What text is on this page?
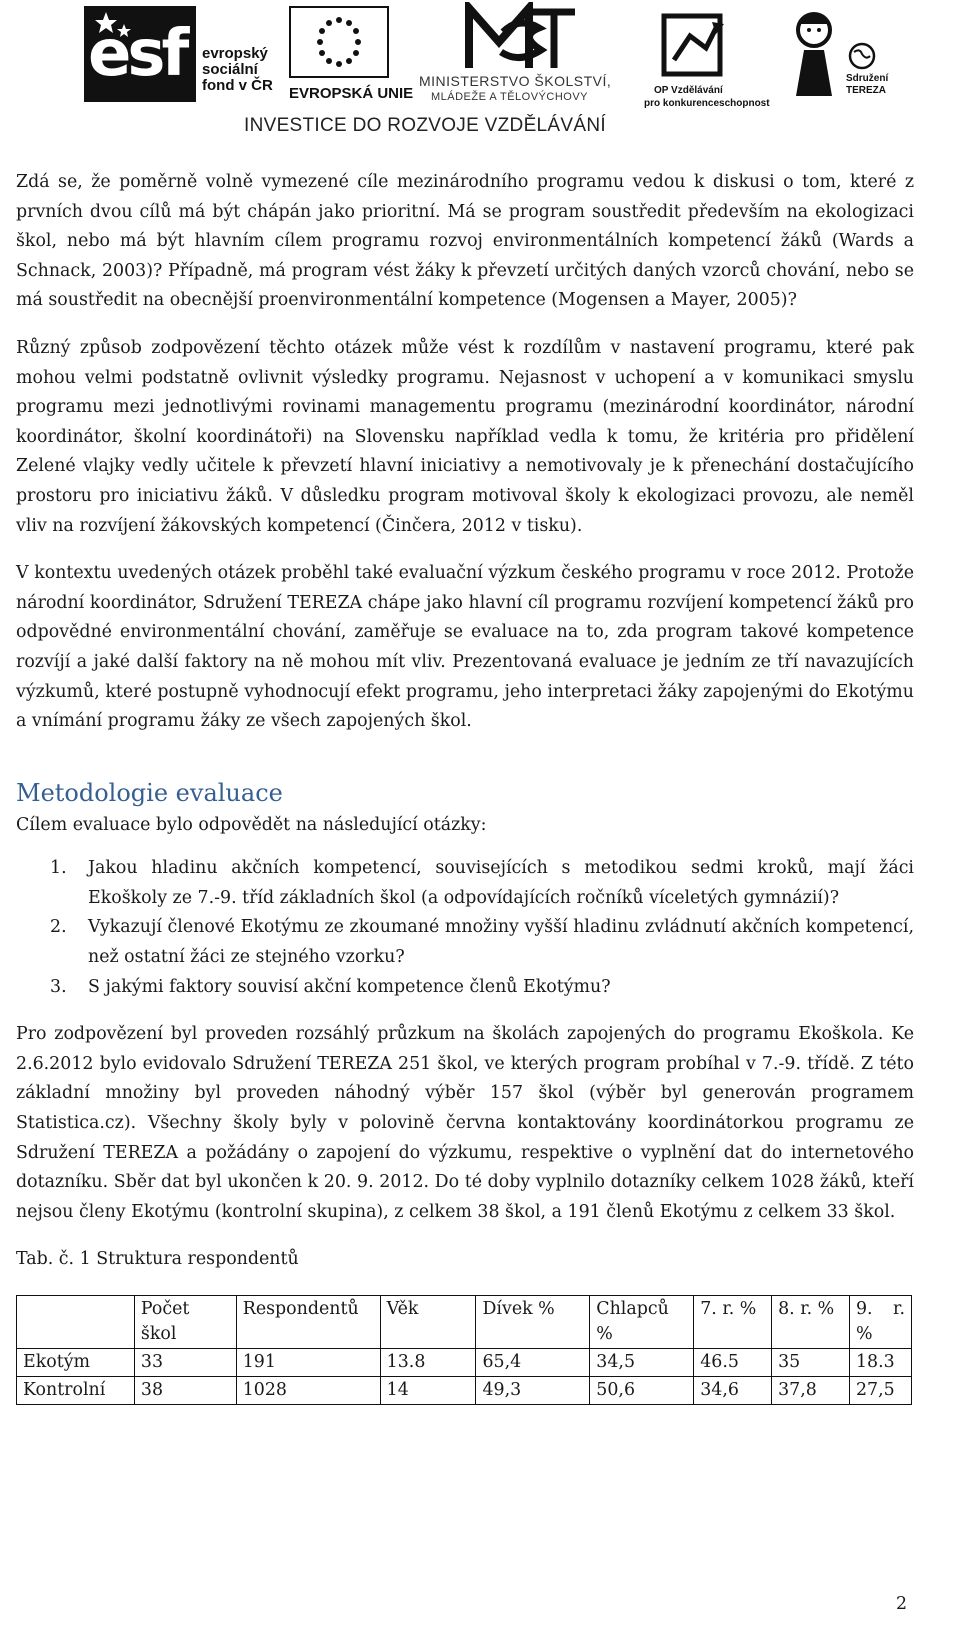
esf evropský
sociální
fond v ČR EVROPSKÁ UNIE
MINISTERSTVO ŠKOLSTVÍ,
MLÁDEŽE A TĚLOVÝCHOVY
OP Vzdělávání
pro konkurenceschopnost
Sdružení
TEREZA
INVESTICE DO ROZVOJE VZDĚLÁVÁNÍ

Zdá se, že poměrně volně vymezené cíle mezinárodního programu vedou k diskusi o tom, které z prvních dvou cílů má být chápán jako prioritní. Má se program soustředit především na ekologizaci škol, nebo má být hlavním cílem programu rozvoj environmentálních kompetencí žáků (Wards a Schnack, 2003)? Případně, má program vést žáky k převzetí určitých daných vzorců chování, nebo se má soustředit na obecnější proenvironmentální kompetence (Mogensen a Mayer, 2005)?

Různý způsob zodpovězení těchto otázek může vést k rozdílům v nastavení programu, které pak mohou velmi podstatně ovlivnit výsledky programu. Nejasnost v uchopení a v komunikaci smyslu programu mezi jednotlivými rovinami managementu programu (mezinárodní koordinátor, národní koordinátor, školní koordinátoři) na Slovensku například vedla k tomu, že kritéria pro přidělení Zelené vlajky vedly učitele k převzetí hlavní iniciativy a nemotivovaly je k přenechání dostačujícího prostoru pro iniciativu žáků. V důsledku program motivoval školy k ekologizaci provozu, ale neměl vliv na rozvíjení žákovských kompetencí (Činčera, 2012 v tisku).

V kontextu uvedených otázek proběhl také evaluační výzkum českého programu v roce 2012. Protože národní koordinátor, Sdružení TEREZA chápe jako hlavní cíl programu rozvíjení kompetencí žáků pro odpovědné environmentální chování, zaměřuje se evaluace na to, zda program takové kompetence rozvíjí a jaké další faktory na ně mohou mít vliv. Prezentovaná evaluace je jedním ze tří navazujících výzkumů, které postupně vyhodnocují efekt programu, jeho interpretaci žáky zapojenými do Ekotýmu a vnímání programu žáky ze všech zapojených škol.

Metodologie evaluace

Cílem evaluace bylo odpovědět na následující otázky:

1. Jakou hladinu akčních kompetencí, souvisejících s metodikou sedmi kroků, mají žáci Ekoškoly ze 7.-9. tříd základních škol (a odpovídajících ročníků víceletých gymnázií)?
2. Vykazují členové Ekotýmu ze zkoumané množiny vyšší hladinu zvládnutí akčních kompetencí, než ostatní žáci ze stejného vzorku?
3. S jakými faktory souvisí akční kompetence členů Ekotýmu?

Pro zodpovězení byl proveden rozsáhlý průzkum na školách zapojených do programu Ekoškola. Ke 2.6.2012 bylo evidovalo Sdružení TEREZA 251 škol, ve kterých program probíhal v 7.-9. třídě. Z této základní množiny byl proveden náhodný výběr 157 škol (výběr byl generován programem Statistica.cz). Všechny školy byly v polovině června kontaktovány koordinátorkou programu ze Sdružení TEREZA a požádány o zapojení do výzkumu, respektive o vyplnění dat do internetového dotazníku. Sběr dat byl ukončen k 20. 9. 2012. Do té doby vyplnilo dotazníky celkem 1028 žáků, kteří nejsou členy Ekotýmu (kontrolní skupina), z celkem 38 škol, a 191 členů Ekotýmu z celkem 33 škol.

Tab. č. 1 Struktura respondentů
	Počet škol	Respondentů	Věk	Dívek %	Chlapců %	7. r. %	8. r. %	9. r. %
Ekotým	33	191	13.8	65,4	34,5	46.5	35	18.3
Kontrolní	38	1028	14	49,3	50,6	34,6	37,8	27,5
2
